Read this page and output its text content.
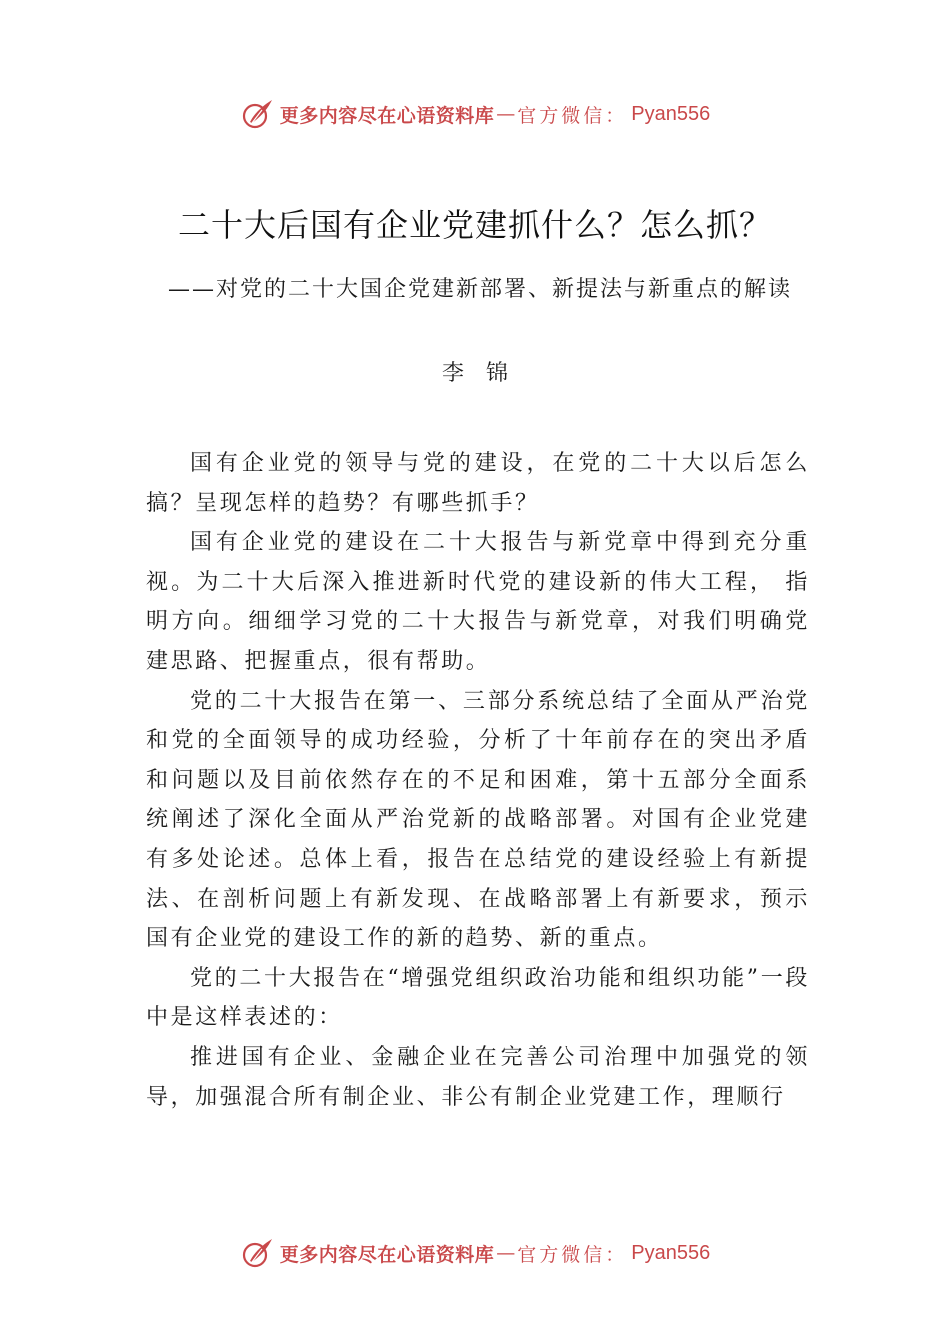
更多内容尽在心语资料库 — 官方微信： Pyan556
二十大后国有企业党建抓什么？怎么抓？
——对党的二十大国企党建新部署、新提法与新重点的解读
李锦

国有企业党的领导与党的建设，在党的二十大以后怎么搞？呈现怎样的趋势？有哪些抓手？

国有企业党的建设在二十大报告与新党章中得到充分重视。为二十大后深入推进新时代党的建设新的伟大工程， 指明方向。细细学习党的二十大报告与新党章，对我们明确党建思路、把握重点，很有帮助。

党的二十大报告在第一、三部分系统总结了全面从严治党和党的全面领导的成功经验，分析了十年前存在的突出矛盾和问题以及目前依然存在的不足和困难，第十五部分全面系统阐述了深化全面从严治党新的战略部署。对国有企业党建有多处论述。总体上看，报告在总结党的建设经验上有新提法、在剖析问题上有新发现、在战略部署上有新要求，预示国有企业党的建设工作的新的趋势、新的重点。

党的二十大报告在“增强党组织政治功能和组织功能”一段中是这样表述的：

推进国有企业、金融企业在完善公司治理中加强党的领导，加强混合所有制企业、非公有制企业党建工作，理顺行

更多内容尽在心语资料库 — 官方微信： Pyan556
